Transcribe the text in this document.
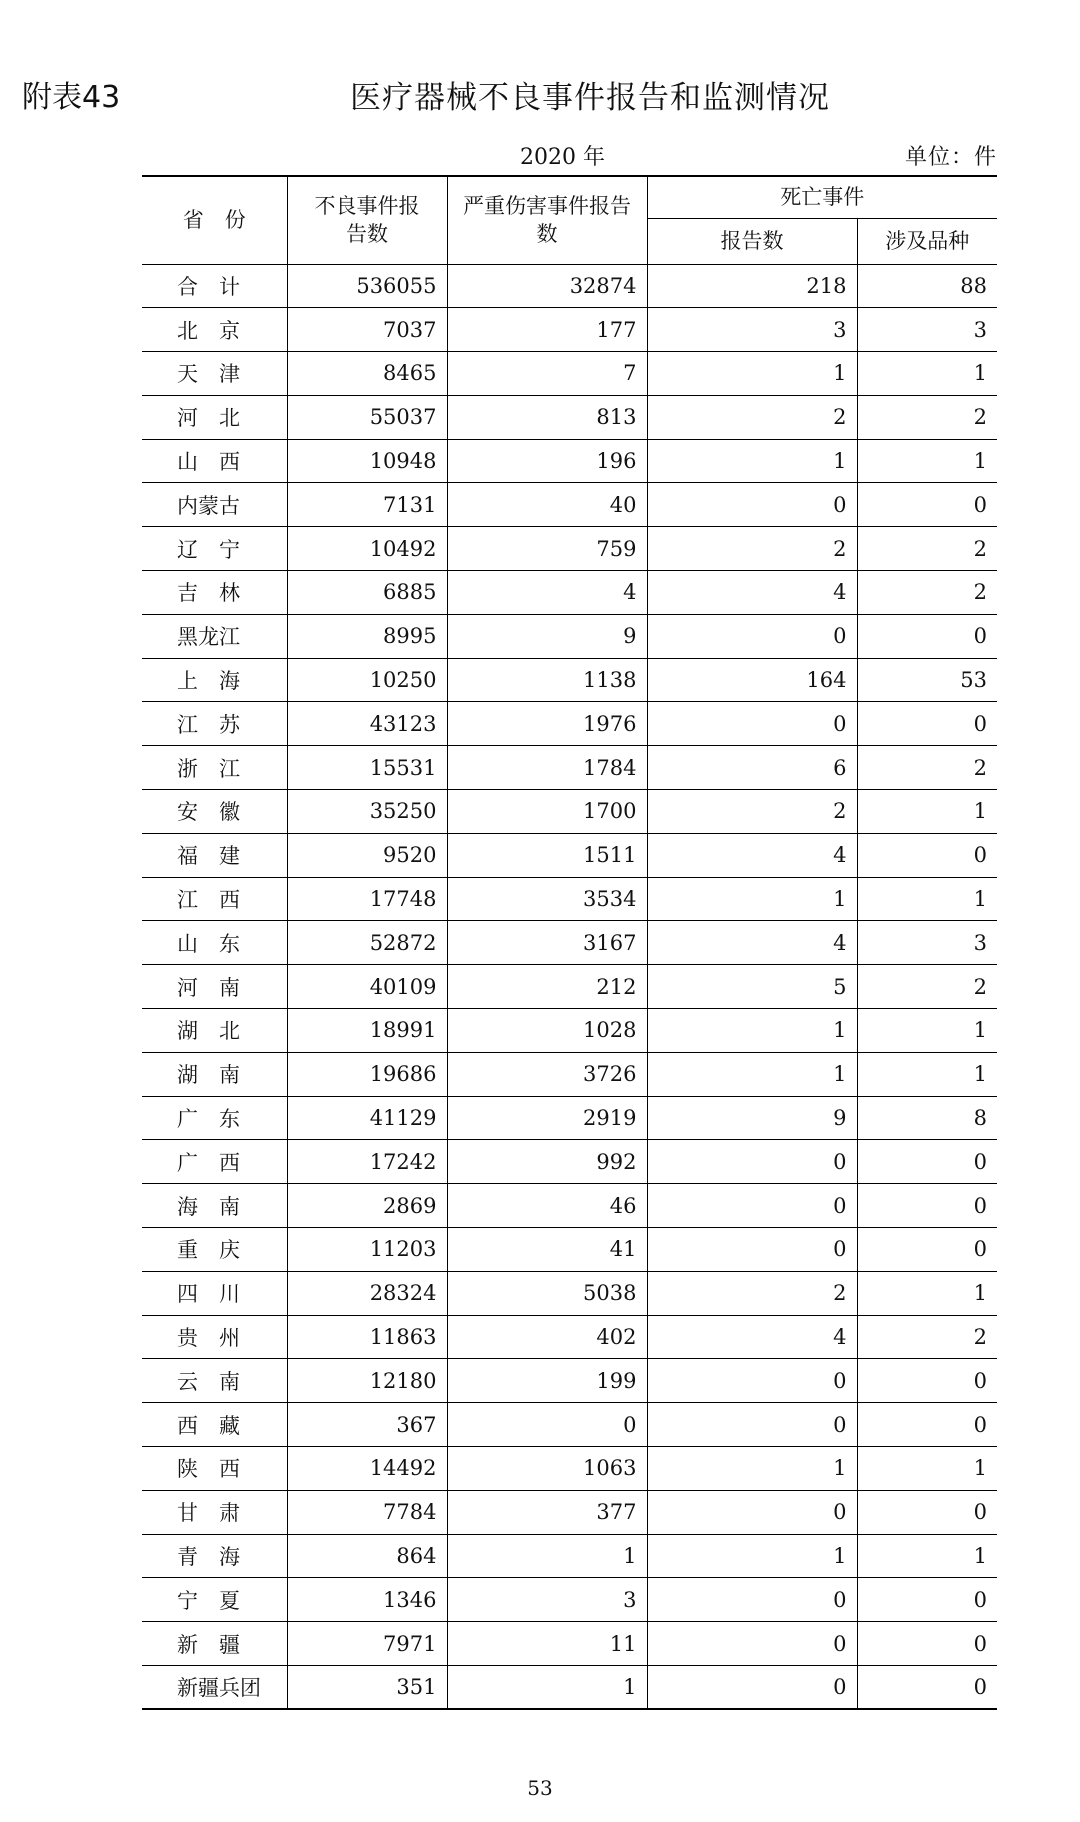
附表43	医疗器械不良事件报告和监测情况
2020 年	单位：件
省　份	不良事件报告数	严重伤害事件报告数	死亡事件	
			报告数	涉及品种
合　计	536055	32874	218	88
北　京	7037	177	3	3
天　津	8465	7	1	1
河　北	55037	813	2	2
山　西	10948	196	1	1
内蒙古	7131	40	0	0
辽　宁	10492	759	2	2
吉　林	6885	4	4	2
黑龙江	8995	9	0	0
上　海	10250	1138	164	53
江　苏	43123	1976	0	0
浙　江	15531	1784	6	2
安　徽	35250	1700	2	1
福　建	9520	1511	4	0
江　西	17748	3534	1	1
山　东	52872	3167	4	3
河　南	40109	212	5	2
湖　北	18991	1028	1	1
湖　南	19686	3726	1	1
广　东	41129	2919	9	8
广　西	17242	992	0	0
海　南	2869	46	0	0
重　庆	11203	41	0	0
四　川	28324	5038	2	1
贵　州	11863	402	4	2
云　南	12180	199	0	0
西　藏	367	0	0	0
陕　西	14492	1063	1	1
甘　肃	7784	377	0	0
青　海	864	1	1	1
宁　夏	1346	3	0	0
新　疆	7971	11	0	0
新疆兵团	351	1	0	0
53
